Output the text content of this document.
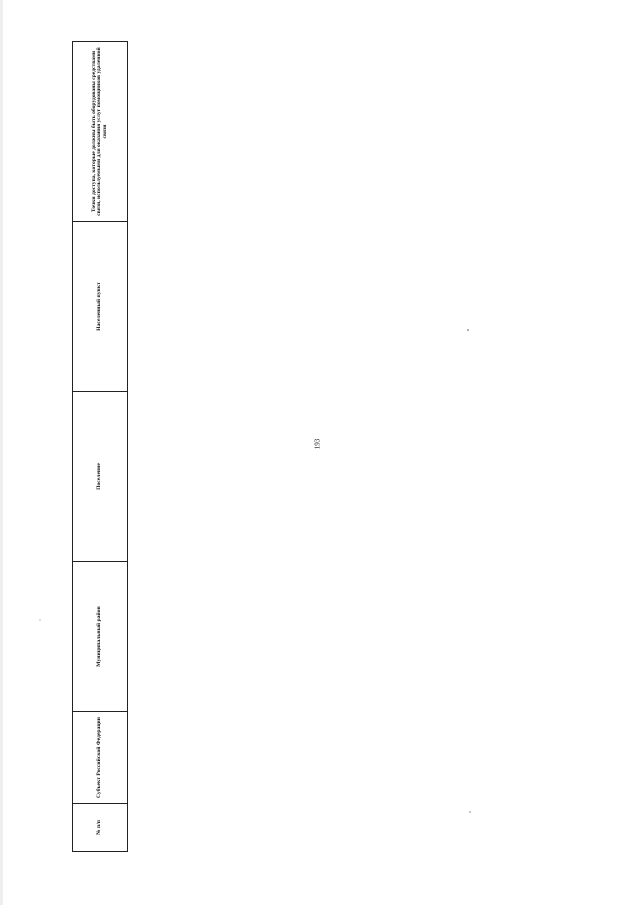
193
№ п/п	Субъект Российской Федерации	Муниципальный район	Поселение	Населенный пункт	Точки доступа, которые должны быть оборудованы средствами связи, используемыми для оказания услуг помощников удаленной связи
